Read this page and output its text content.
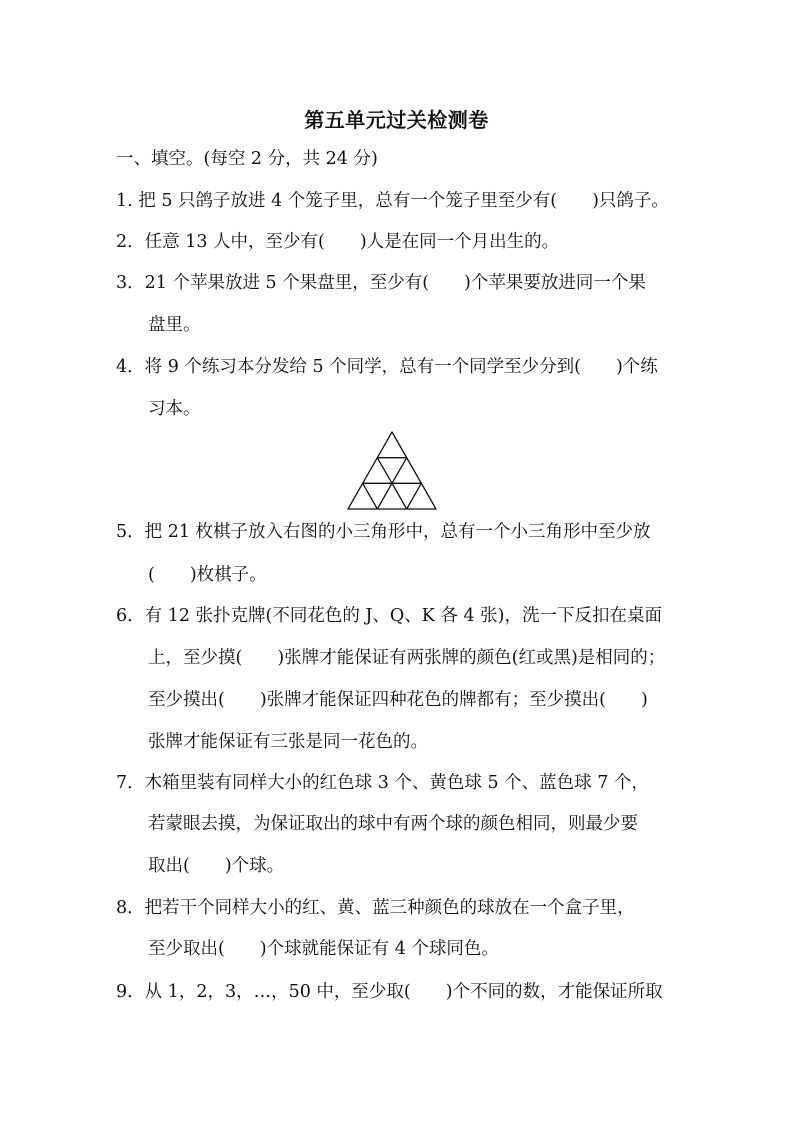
第五单元过关检测卷
一、填空。(每空 2 分，共 24 分)
1. 把 5 只鸽子放进 4 个笼子里，总有一个笼子里至少有(　　)只鸽子。
2．任意 13 人中，至少有(　　)人是在同一个月出生的。
3．21 个苹果放进 5 个果盘里，至少有(　　)个苹果要放进同一个果
盘里。
4．将 9 个练习本分发给 5 个同学，总有一个同学至少分到(　　)个练
习本。
5．把 21 枚棋子放入右图的小三角形中，总有一个小三角形中至少放
(　　)枚棋子。
6．有 12 张扑克牌(不同花色的 J、Q、K 各 4 张)，洗一下反扣在桌面
上，至少摸(　　)张牌才能保证有两张牌的颜色(红或黑)是相同的；
至少摸出(　　)张牌才能保证四种花色的牌都有；至少摸出(　　)
张牌才能保证有三张是同一花色的。
7．木箱里装有同样大小的红色球 3 个、黄色球 5 个、蓝色球 7 个，
若蒙眼去摸，为保证取出的球中有两个球的颜色相同，则最少要
取出(　　)个球。
8．把若干个同样大小的红、黄、蓝三种颜色的球放在一个盒子里，
至少取出(　　)个球就能保证有 4 个球同色。
9．从 1，2，3，…，50 中，至少取(　　)个不同的数，才能保证所取
